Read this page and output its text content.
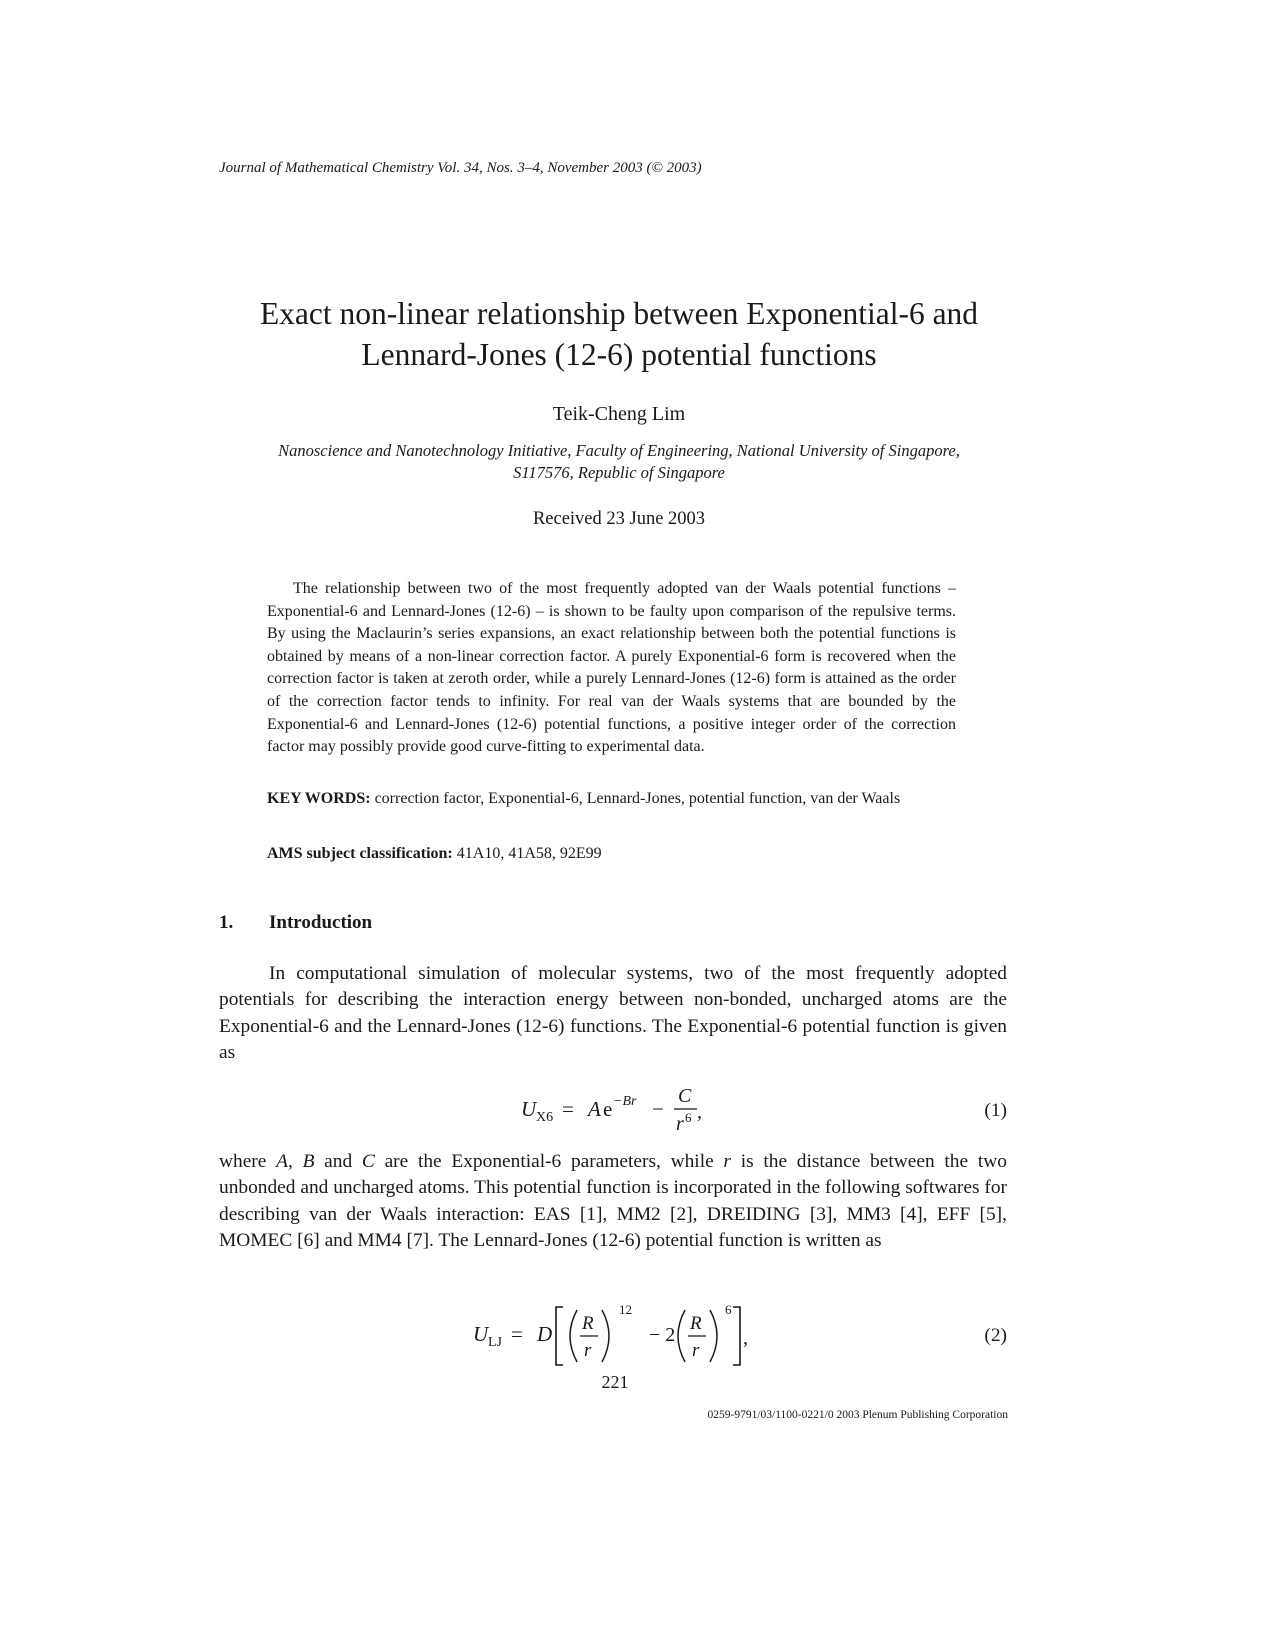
Journal of Mathematical Chemistry Vol. 34, Nos. 3–4, November 2003 (© 2003)
Exact non-linear relationship between Exponential-6 and
Lennard-Jones (12-6) potential functions
Teik-Cheng Lim
Nanoscience and Nanotechnology Initiative, Faculty of Engineering, National University of Singapore,
S117576, Republic of Singapore
Received 23 June 2003

The relationship between two of the most frequently adopted van der Waals potential functions – Exponential-6 and Lennard-Jones (12-6) – is shown to be faulty upon comparison of the repulsive terms. By using the Maclaurin’s series expansions, an exact relationship between both the potential functions is obtained by means of a non-linear correction factor. A purely Exponential-6 form is recovered when the correction factor is taken at zeroth order, while a purely Lennard-Jones (12-6) form is attained as the order of the correction factor tends to infinity. For real van der Waals systems that are bounded by the Exponential-6 and Lennard-Jones (12-6) potential functions, a positive integer order of the correction factor may possibly provide good curve-fitting to experimental data.

KEY WORDS: correction factor, Exponential-6, Lennard-Jones, potential function, van der Waals
AMS subject classification: 41A10, 41A58, 92E99
1. Introduction
In computational simulation of molecular systems, two of the most frequently adopted potentials for describing the interaction energy between non-bonded, uncharged atoms are the Exponential-6 and the Lennard-Jones (12-6) functions. The Exponential-6 potential function is given as
U X6 = A e −Br −
C
r 6 ,	(1)
where A, B and C are the Exponential-6 parameters, while r is the distance between the two unbonded and uncharged atoms. This potential function is incorporated in the following softwares for describing van der Waals interaction: EAS [1], MM2 [2], DREIDING [3], MM3 [4], EFF [5], MOMEC [6] and MM4 [7]. The Lennard-Jones (12-6) potential function is written as
U LJ = D R
r
12
− 2
R
r
6
,	(2)
221
0259-9791/03/1100-0221/0 2003 Plenum Publishing Corporation
